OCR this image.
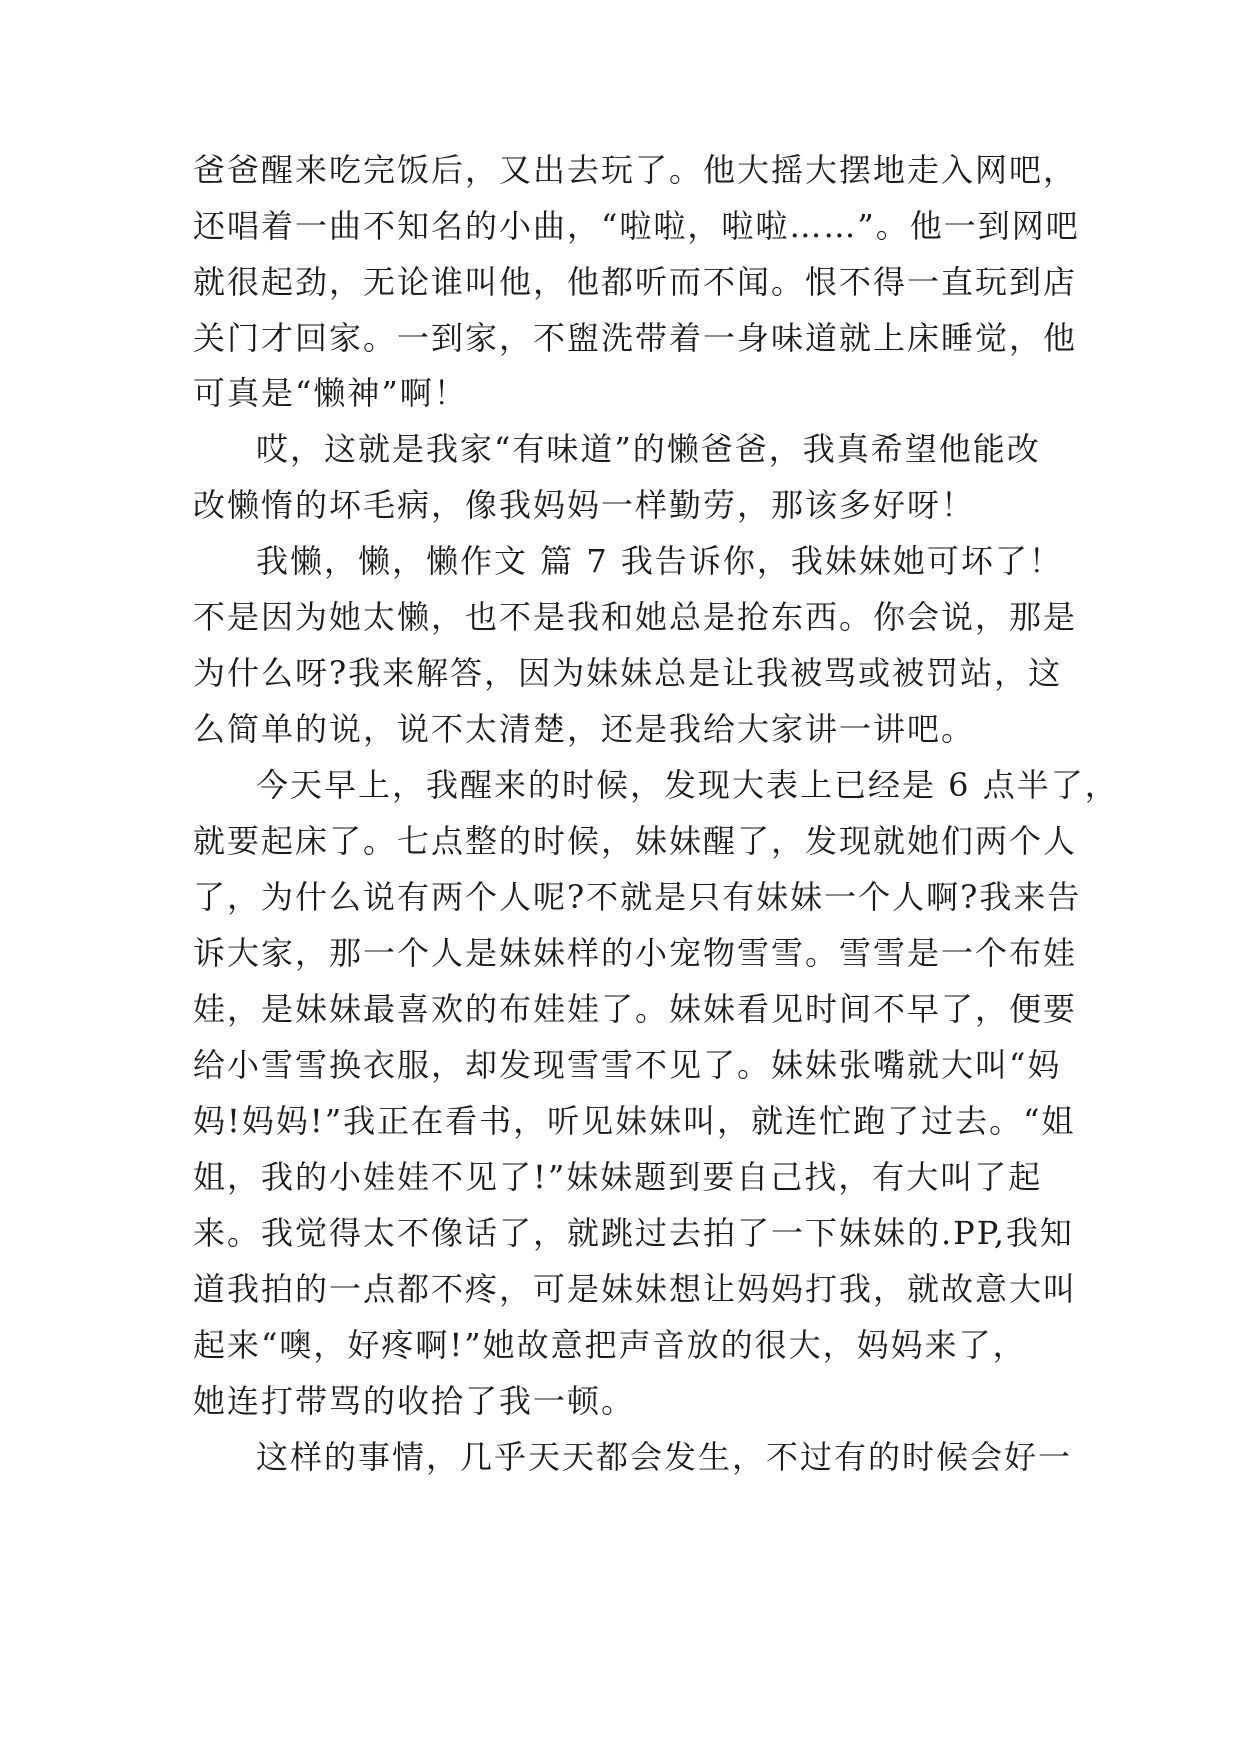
爸爸醒来吃完饭后，又出去玩了。他大摇大摆地走入网吧，
还唱着一曲不知名的小曲，“啦啦，啦啦……”。他一到网吧
就很起劲，无论谁叫他，他都听而不闻。恨不得一直玩到店
关门才回家。一到家，不盥洗带着一身味道就上床睡觉，他
可真是“懒神”啊！
哎，这就是我家“有味道”的懒爸爸，我真希望他能改
改懒惰的坏毛病，像我妈妈一样勤劳，那该多好呀！
我懒，懒，懒作文 篇 7 我告诉你，我妹妹她可坏了！
不是因为她太懒，也不是我和她总是抢东西。你会说，那是
为什么呀?我来解答，因为妹妹总是让我被骂或被罚站，这
么简单的说，说不太清楚，还是我给大家讲一讲吧。
今天早上，我醒来的时候，发现大表上已经是 6 点半了，
就要起床了。七点整的时候，妹妹醒了，发现就她们两个人
了，为什么说有两个人呢?不就是只有妹妹一个人啊?我来告
诉大家，那一个人是妹妹样的小宠物雪雪。雪雪是一个布娃
娃，是妹妹最喜欢的布娃娃了。妹妹看见时间不早了，便要
给小雪雪换衣服，却发现雪雪不见了。妹妹张嘴就大叫“妈
妈!妈妈!”我正在看书，听见妹妹叫，就连忙跑了过去。“姐
姐，我的小娃娃不见了!”妹妹题到要自己找，有大叫了起
来。我觉得太不像话了，就跳过去拍了一下妹妹的.PP,我知
道我拍的一点都不疼，可是妹妹想让妈妈打我，就故意大叫
起来“噢，好疼啊!”她故意把声音放的很大，妈妈来了，
她连打带骂的收拾了我一顿。
这样的事情，几乎天天都会发生，不过有的时候会好一
